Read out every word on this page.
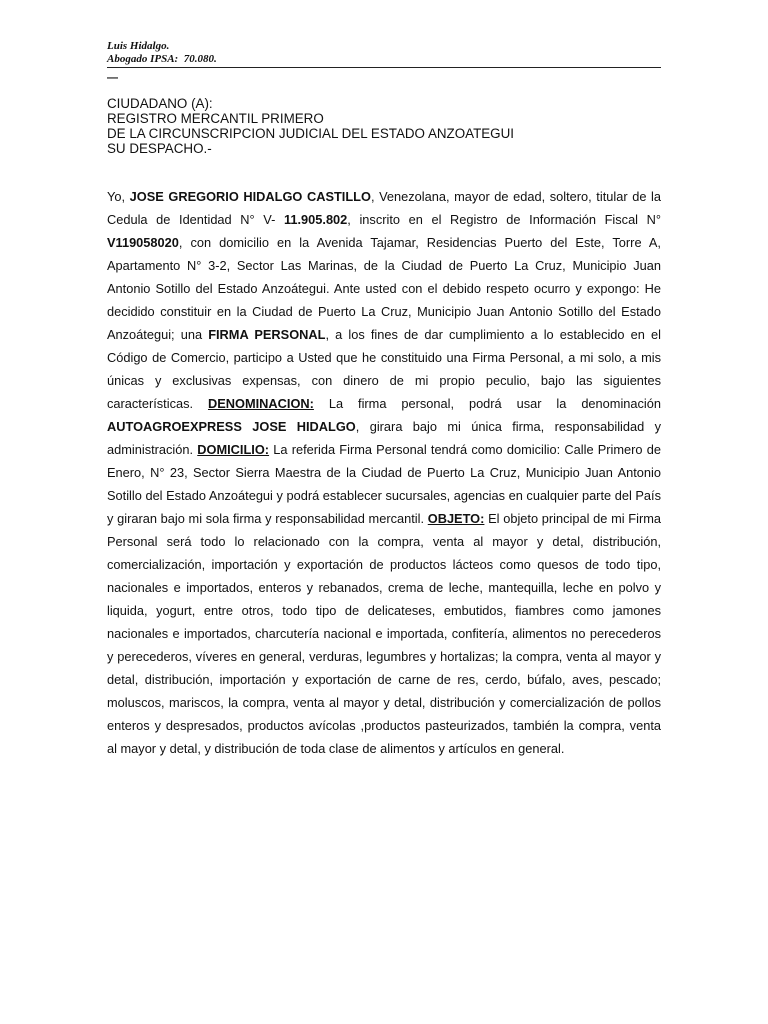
Luis Hidalgo.
Abogado IPSA:  70.080.
—
CIUDADANO (A):
REGISTRO MERCANTIL PRIMERO
DE LA CIRCUNSCRIPCION JUDICIAL DEL ESTADO ANZOATEGUI
SU DESPACHO.-

Yo, JOSE GREGORIO HIDALGO CASTILLO, Venezolana, mayor de edad, soltero, titular de la Cedula de Identidad N° V- 11.905.802, inscrito en el Registro de Información Fiscal N° V119058020, con domicilio en la Avenida Tajamar, Residencias Puerto del Este, Torre A, Apartamento N° 3-2, Sector Las Marinas, de la Ciudad de Puerto La Cruz, Municipio Juan Antonio Sotillo del Estado Anzoátegui. Ante usted con el debido respeto ocurro y expongo: He decidido constituir en la Ciudad de Puerto La Cruz, Municipio Juan Antonio Sotillo del Estado Anzoátegui; una FIRMA PERSONAL, a los fines de dar cumplimiento a lo establecido en el Código de Comercio, participo a Usted que he constituido una Firma Personal, a mi solo, a mis únicas y exclusivas expensas, con dinero de mi propio peculio, bajo las siguientes características. DENOMINACION: La firma personal, podrá usar la denominación AUTOAGROEXPRESS JOSE HIDALGO, girara bajo mi única firma, responsabilidad y administración. DOMICILIO: La referida Firma Personal tendrá como domicilio: Calle Primero de Enero, N° 23, Sector Sierra Maestra de la Ciudad de Puerto La Cruz, Municipio Juan Antonio Sotillo del Estado Anzoátegui y podrá establecer sucursales, agencias en cualquier parte del País y giraran bajo mi sola firma y responsabilidad mercantil. OBJETO: El objeto principal de mi Firma Personal será todo lo relacionado con la compra, venta al mayor y detal, distribución, comercialización, importación y exportación de productos lácteos como quesos de todo tipo, nacionales e importados, enteros y rebanados, crema de leche, mantequilla, leche en polvo y liquida, yogurt, entre otros, todo tipo de delicateses, embutidos, fiambres como jamones nacionales e importados, charcutería nacional e importada, confitería, alimentos no perecederos y perecederos, víveres en general, verduras, legumbres y hortalizas; la compra, venta al mayor y detal, distribución, importación y exportación de carne de res, cerdo, búfalo, aves, pescado; moluscos, mariscos, la compra, venta al mayor y detal, distribución y comercialización de pollos enteros y despresados, productos avícolas ,productos pasteurizados, también la compra, venta al mayor y detal, y distribución de toda clase de alimentos y artículos en general.
